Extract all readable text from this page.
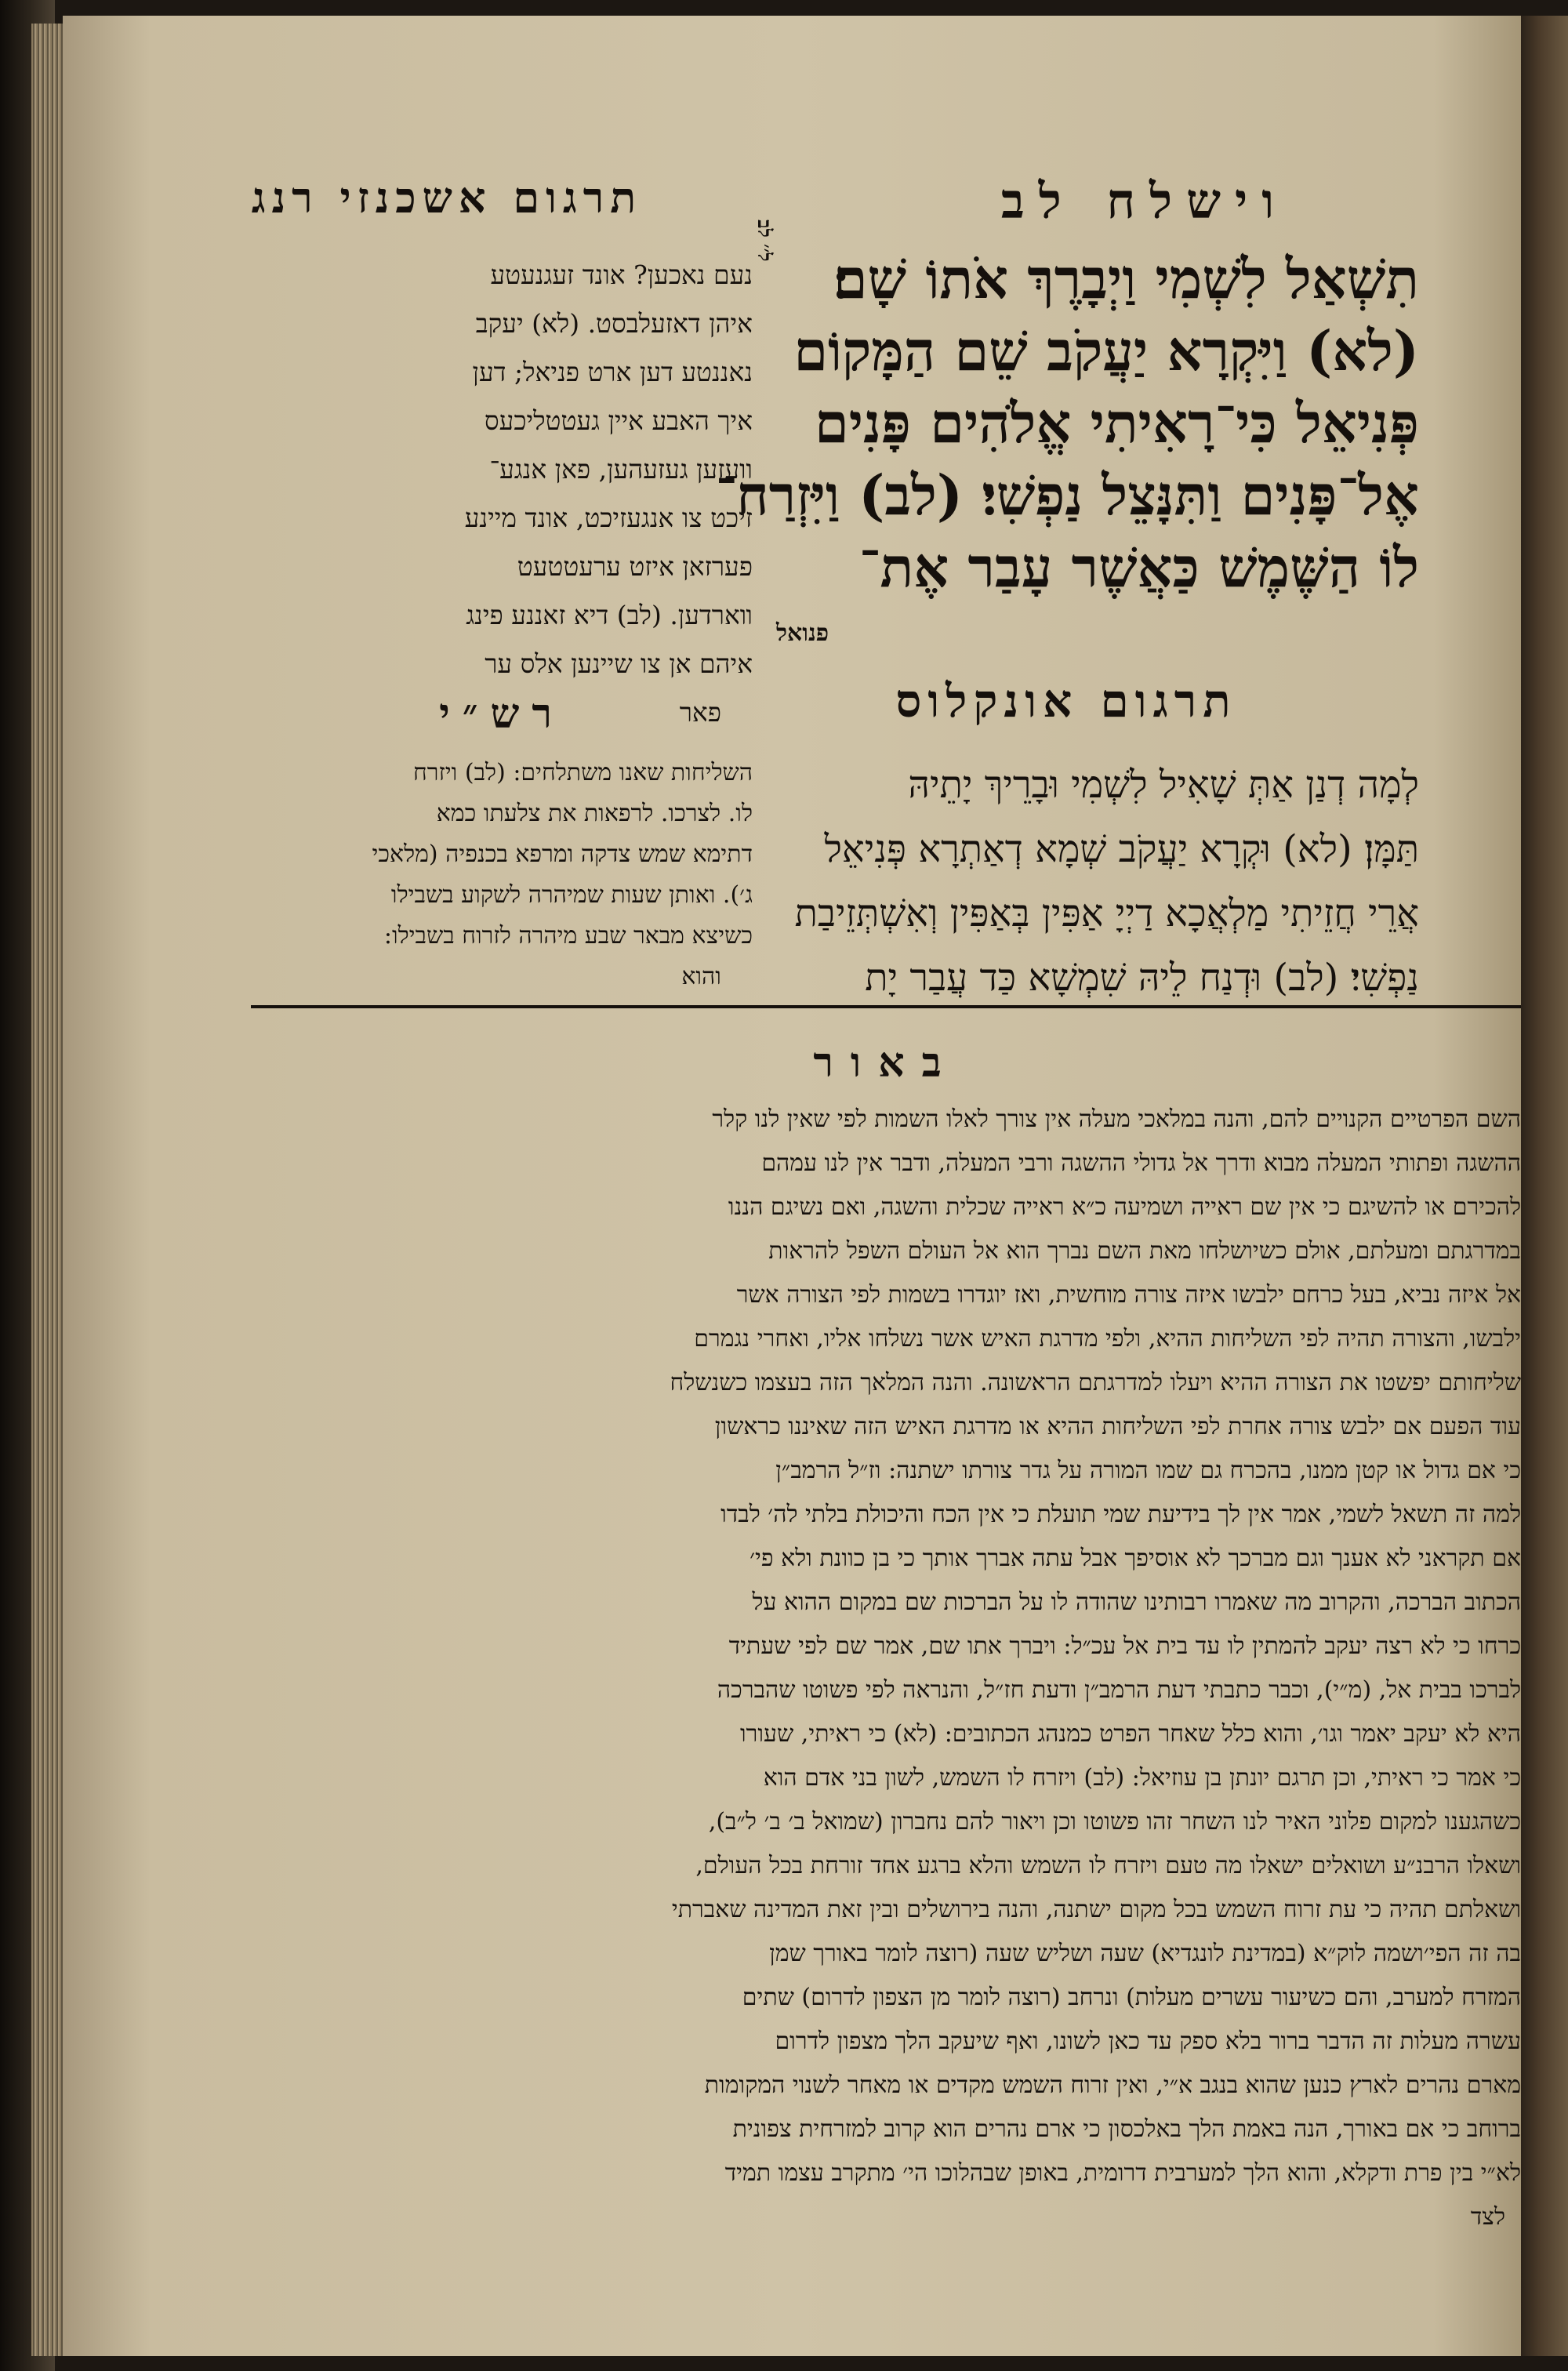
תרגום אשכנזי רנג	וישלח לב
תִשְׁאַל לִשְׁמִי וַיְבָרֶךְ אֹתוֹ שָׁם׃
(לא) וַיִּקְרָא יַעֲקֹב שֵׁם הַמָּקוֹם
פְּנִיאֵל כִּי־רָאִיתִי אֱלֹהִים פָּנִים
אֶל־פָּנִים וַתִּנָּצֵל נַפְשִׁי׃ (לב) וַיִּזְרַח־
לוֹ הַשֶּׁמֶשׁ כַּאֲשֶׁר עָבַר אֶת־
פנואל
ל׳׳ לב
נעם נאכען? אונד זעגנעטע
איהן דאזעלבסט. (לא) יעקב
נאננטע דען ארט פניאל; דען
איך האבע איין געטטליכעס
וועזען געזעהען, פאן אנגע־
זיכט צו אנגעזיכט, אונד מיינע
פערזאן איזט ערעטטעט
װארדען. (לב) דיא זאננע פינג
איהם אן צו שיינען אלס ער
פאר	תרגום אונקלוס
רש״י
לְמָה דְנַן אַתְּ שָׁאִיל לִשְׁמִי וּבָרֵיךְ יָתֵיהּ
תַּמָּן׃ (לא) וּקְרָא יַעֲקֹב שְׁמָא דְאַתְרָא פְּנִיאֵל
אֲרֵי חֲזֵיתִי מַלְאֲכָא דַיְיָ אַפִּין בְּאַפִּין וְאִשְׁתְּזֵיבַת
נַפְשִׁי׃ (לב) וּדְנַח לֵיהּ שִׁמְשָׁא כַּד עֲבַר יָת
השליחות שאנו משתלחים: (לב) ויזרח
לו. לצרכו. לרפאות את צלעתו כמא
דתימא שמש צדקה ומרפא בכנפיה (מלאכי
ג׳). ואותן שעות שמיהרה לשקוע בשבילו
כשיצא מבאר שבע מיהרה לזרוח בשבילו:
והוא
באור
השם הפרטיים הקנויים להם, והנה במלאכי מעלה אין צורך לאלו השמות לפי שאין לנו קלר
ההשגה ופתותי המעלה מבוא ודרך אל גדולי ההשגה ורבי המעלה, ודבר אין לנו עמהם
להכירם או להשיגם כי אין שם ראייה ושמיעה כ״א ראייה שכלית והשגה, ואם נשיגם הננו
במדרגתם ומעלתם, אולם כשיושלחו מאת השם נברך הוא אל העולם השפל להראות
אל איזה נביא, בעל כרחם ילבשו איזה צורה מוחשית, ואז יוגדרו בשמות לפי הצורה אשר
ילבשו, והצורה תהיה לפי השליחות ההיא, ולפי מדרגת האיש אשר נשלחו אליו, ואחרי נגמרם
שליחותם יפשטו את הצורה ההיא ויעלו למדרגתם הראשונה. והנה המלאך הזה בעצמו כשנשלח
עוד הפעם אם ילבש צורה אחרת לפי השליחות ההיא או מדרגת האיש הזה שאיננו כראשון
כי אם גדול או קטן ממנו, בהכרח גם שמו המורה על גדר צורתו ישתנה: וז״ל הרמב״ן
למה זה תשאל לשמי, אמר אין לך בידיעת שמי תועלת כי אין הכח והיכולת בלתי לה׳ לבדו
אם תקראני לא אענך וגם מברכך לא אוסיפך אבל עתה אברך אותך כי בן כוונת ולא פי׳
הכתוב הברכה, והקרוב מה שאמרו רבותינו שהודה לו על הברכות שם במקום ההוא על
כרחו כי לא רצה יעקב להמתין לו עד בית אל עכ״ל: ויברך אתו שם, אמר שם לפי שעתיד
לברכו בבית אל, (מ״י), וכבר כתבתי דעת הרמב״ן ודעת חז״ל, והנראה לפי פשוטו שהברכה
היא לא יעקב יאמר וגו׳, והוא כלל שאחר הפרט כמנהג הכתובים: (לא) כי ראיתי, שעורו
כי אמר כי ראיתי, וכן תרגם יונתן בן עוזיאל: (לב) ויזרח לו השמש, לשון בני אדם הוא
כשהגענו למקום פלוני האיר לנו השחר זהו פשוטו וכן ויאור להם נחברון (שמואל ב׳ ב׳ ל״ב),
ושאלו הרבנ״ע ושואלים ישאלו מה טעם ויזרח לו השמש והלא ברגע אחד זורחת בכל העולם,
ושאלתם תהיה כי עת זרוח השמש בכל מקום ישתנה, והנה בירושלים ובין זאת המדינה שאברתי
בה זה הפי׳ושמה לוק״א (במדינת לונגדיא) שעה ושליש שעה (רוצה לומר באורך שמן
המזרח למערב, והם כשיעור עשרים מעלות) ונרחב (רוצה לומר מן הצפון לדרום) שתים
עשרה מעלות זה הדבר ברור בלא ספק עד כאן לשונו, ואף שיעקב הלך מצפון לדרום
מארם נהרים לארץ כנען שהוא בנגב א״י, ואין זרוח השמש מקדים או מאחר לשנוי המקומות
ברוחב כי אם באורך, הנה באמת הלך באלכסון כי ארם נהרים הוא קרוב למזרחית צפונית
לא״י בין פרת ודקלא, והוא הלך למערבית דרומית, באופן שבהלוכו הי׳ מתקרב עצמו תמיד
לצד
